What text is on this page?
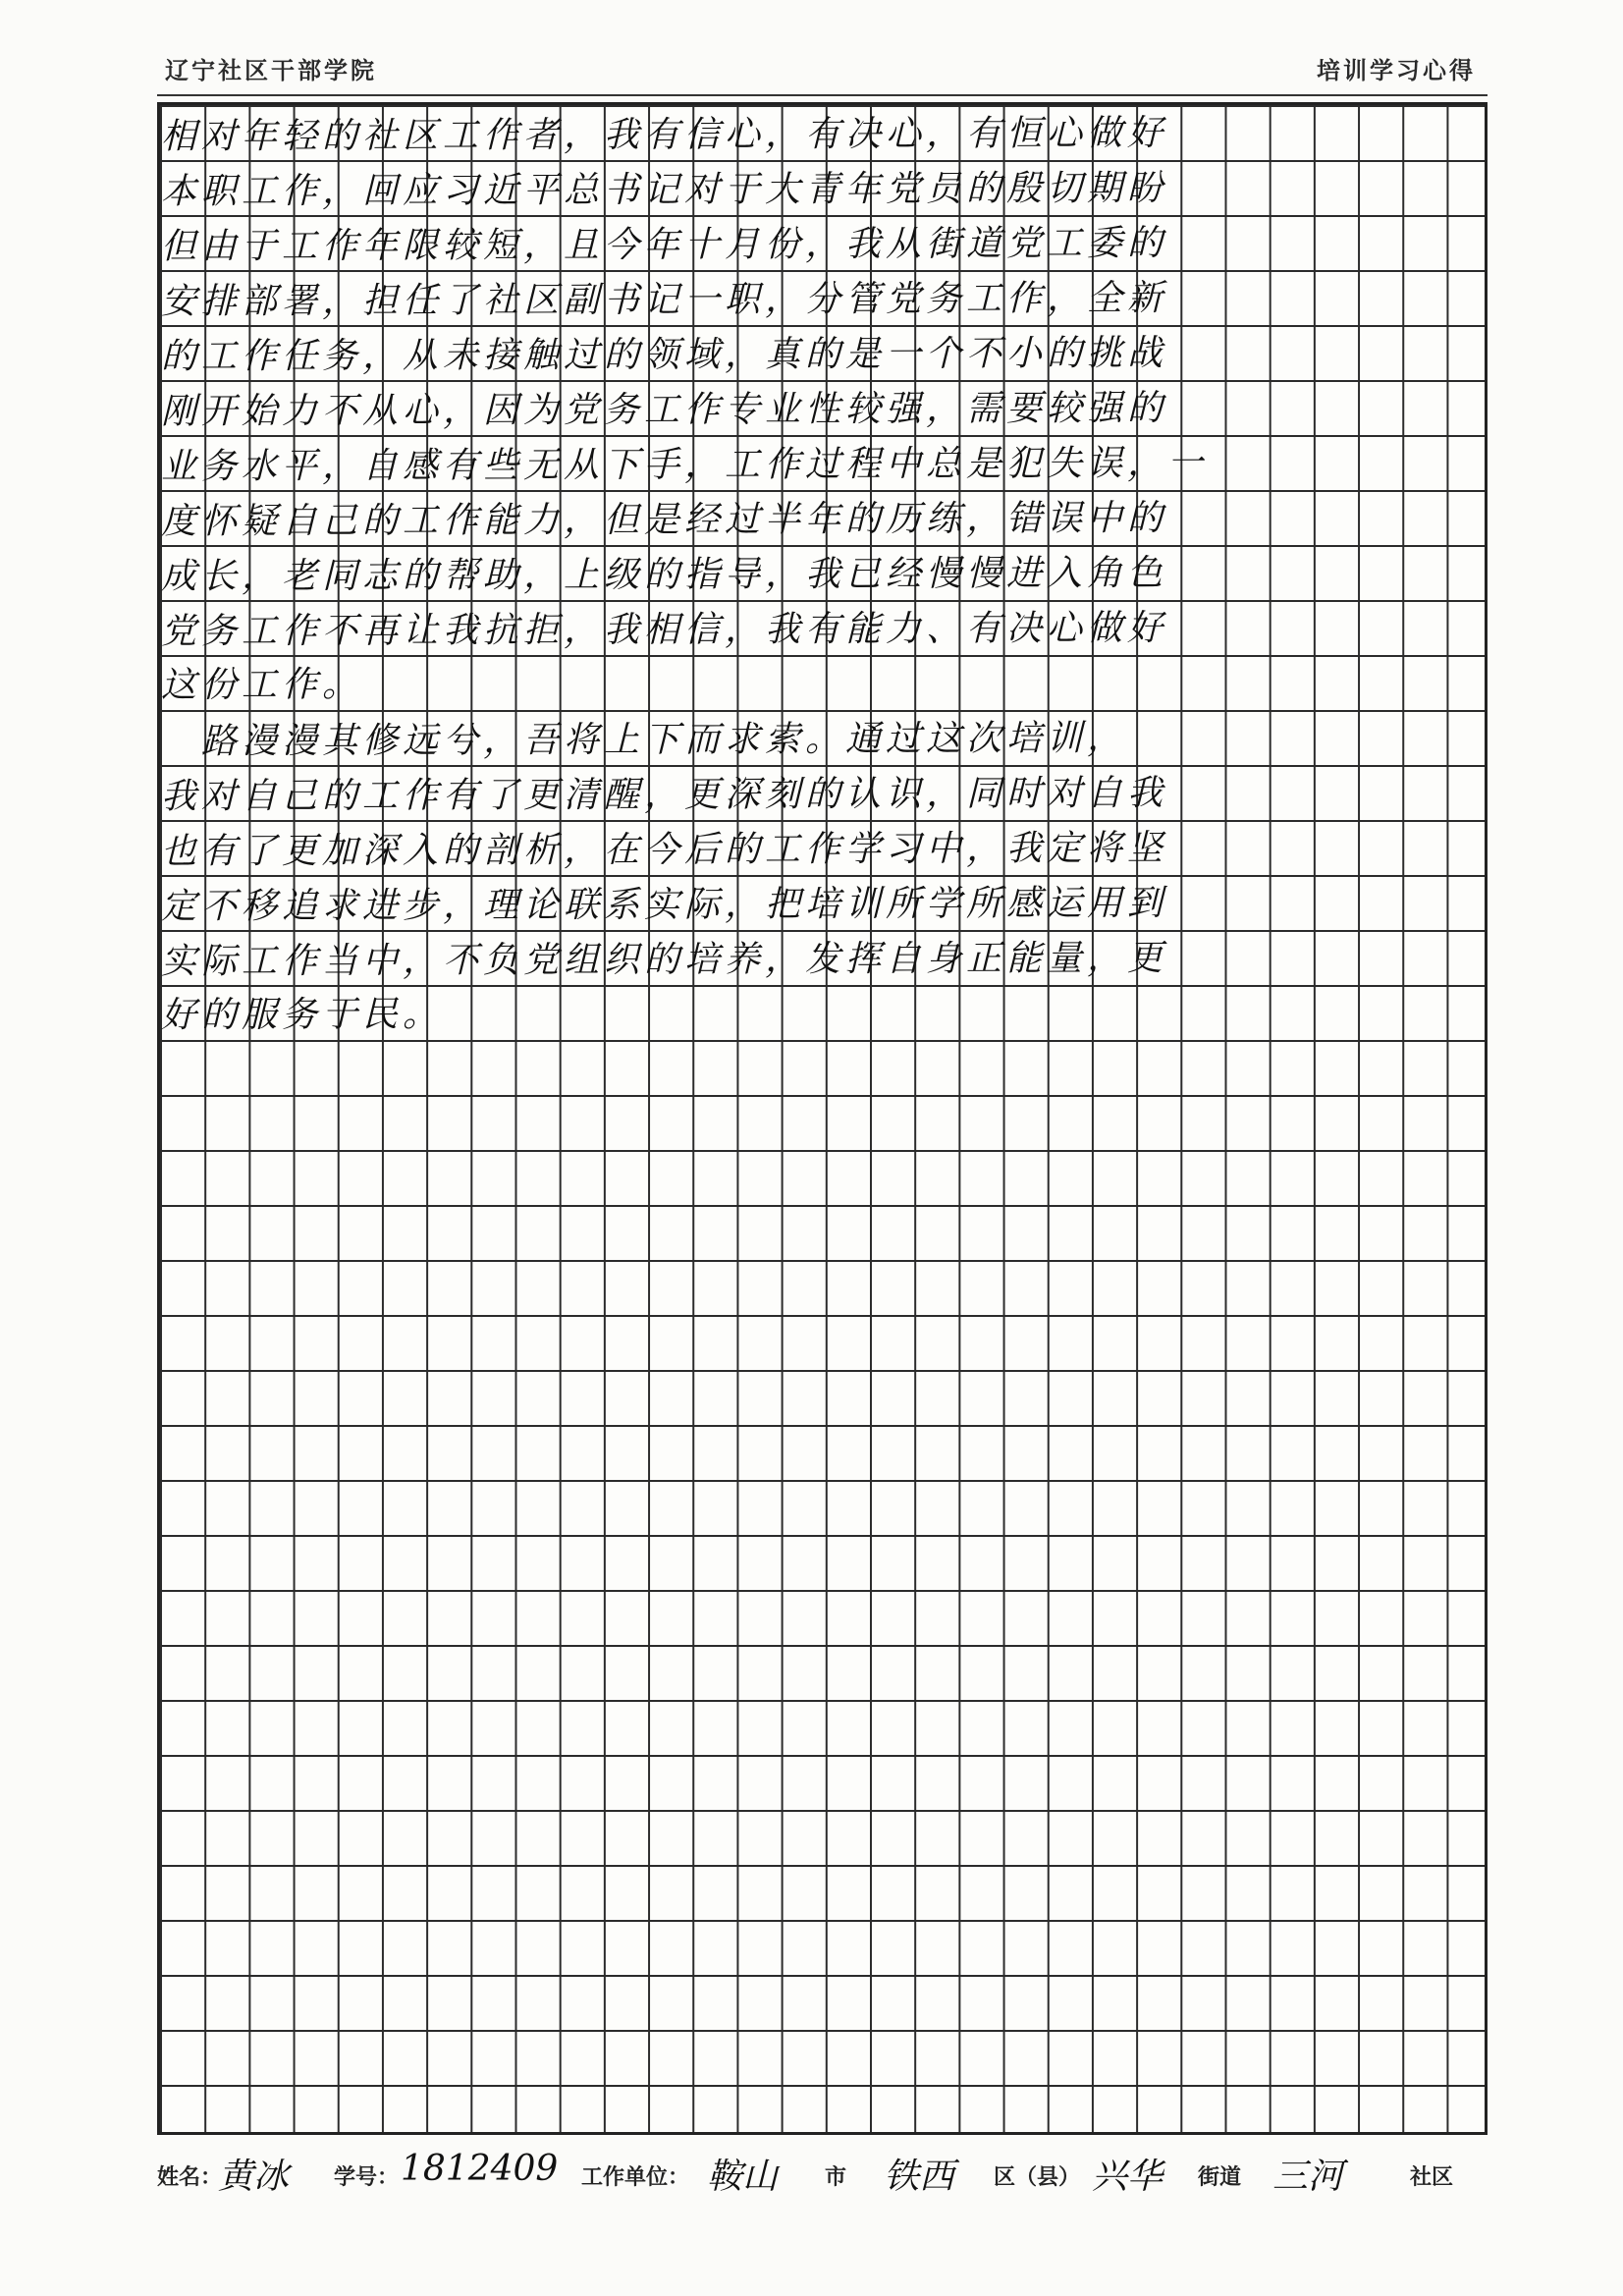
辽宁社区干部学院	培训学习心得
相对年轻的社区工作者，我有信心，有决心，有恒心做好
本职工作，回应习近平总书记对于大青年党员的殷切期盼
但由于工作年限较短，且今年十月份，我从街道党工委的
安排部署，担任了社区副书记一职，分管党务工作，全新
的工作任务，从未接触过的领域，真的是一个不小的挑战
刚开始力不从心，因为党务工作专业性较强，需要较强的
业务水平，自感有些无从下手，工作过程中总是犯失误，一
度怀疑自己的工作能力，但是经过半年的历练，错误中的
成长，老同志的帮助，上级的指导，我已经慢慢进入角色
党务工作不再让我抗拒，我相信，我有能力、有决心做好
这份工作。
　路漫漫其修远兮，吾将上下而求索。通过这次培训，
我对自己的工作有了更清醒，更深刻的认识，同时对自我
也有了更加深入的剖析，在今后的工作学习中，我定将坚
定不移追求进步，理论联系实际，把培训所学所感运用到
实际工作当中，不负党组织的培养，发挥自身正能量，更
好的服务于民。
姓名：
黄冰 学号： 1812409 工作单位： 鞍山 市 铁西 区（县） 兴华 街道 三河	社区
